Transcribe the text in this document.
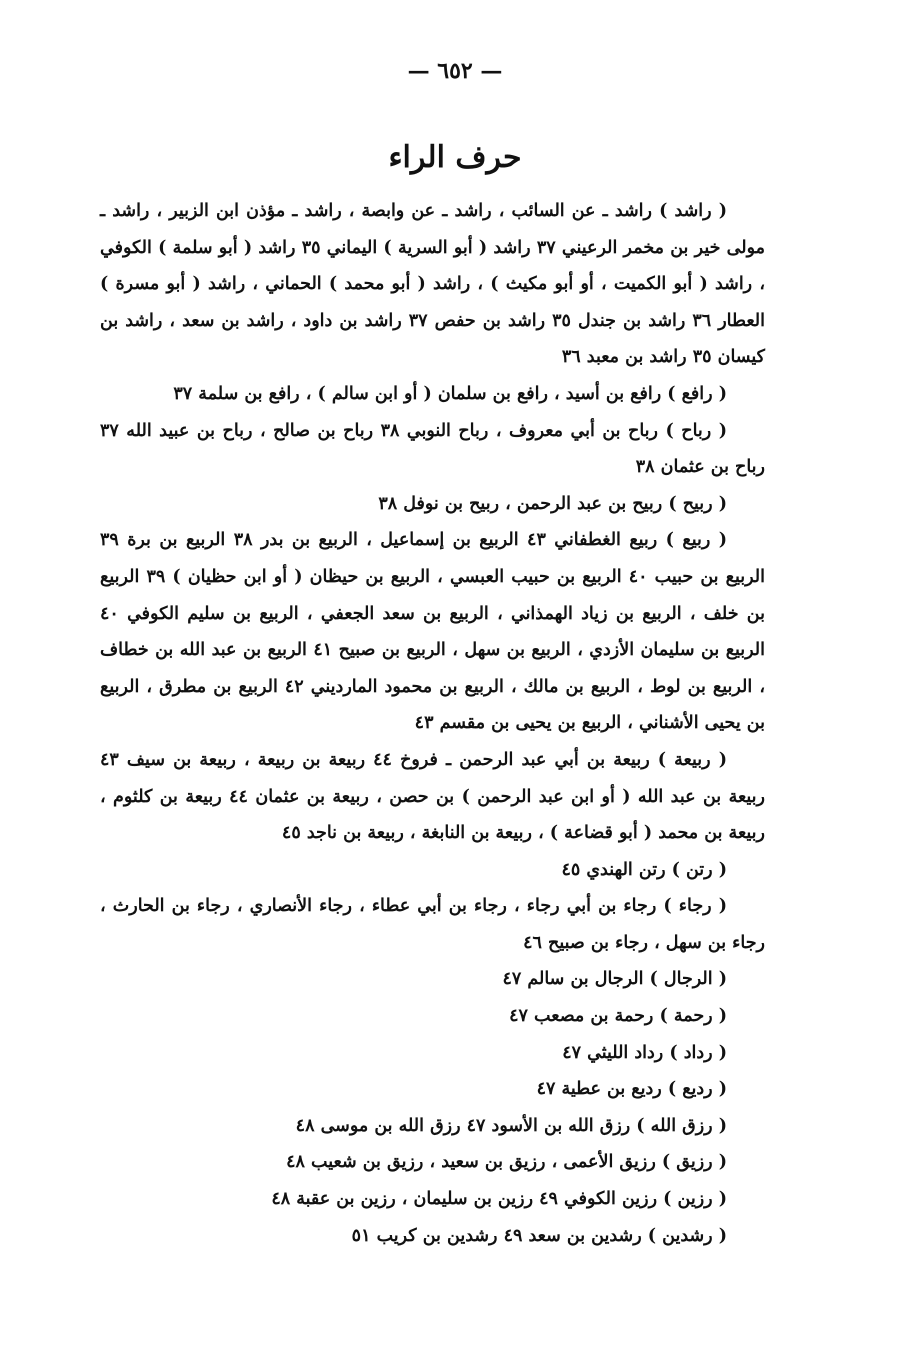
— ٦٥٢ —
حرف الراء

( راشد ) راشد ـ عن السائب ، راشد ـ عن وابصة ، راشد ـ مؤذن ابن الزبير ، راشد ـ مولى خير بن مخمر الرعيني ٣٧ راشد ( أبو السرية ) اليماني ٣٥ راشد ( أبو سلمة ) الكوفي ، راشد ( أبو الكميت ، أو أبو مكيث ) ، راشد ( أبو محمد ) الحماني ، راشد ( أبو مسرة ) العطار ٣٦ راشد بن جندل ٣٥ راشد بن حفص ٣٧ راشد بن داود ، راشد بن سعد ، راشد بن كيسان ٣٥ راشد بن معبد ٣٦

( رافع ) رافع بن أسيد ، رافع بن سلمان ( أو ابن سالم ) ، رافع بن سلمة ٣٧

( رباح ) رباح بن أبي معروف ، رباح النوبي ٣٨ رباح بن صالح ، رباح بن عبيد الله ٣٧ رباح بن عثمان ٣٨

( ربيح ) ربيح بن عبد الرحمن ، ربيح بن نوفل ٣٨

( ربيع ) ربيع الغطفاني ٤٣ الربيع بن إسماعيل ، الربيع بن بدر ٣٨ الربيع بن برة ٣٩ الربيع بن حبيب ٤٠ الربيع بن حبيب العبسي ، الربيع بن حيظان ( أو ابن حظيان ) ٣٩ الربيع بن خلف ، الربيع بن زياد الهمذاني ، الربيع بن سعد الجعفي ، الربيع بن سليم الكوفي ٤٠ الربيع بن سليمان الأزدي ، الربيع بن سهل ، الربيع بن صبيح ٤١ الربيع بن عبد الله بن خطاف ، الربيع بن لوط ، الربيع بن مالك ، الربيع بن محمود المارديني ٤٢ الربيع بن مطرق ، الربيع بن يحيى الأشناني ، الربيع بن يحيى بن مقسم ٤٣

( ربيعة ) ربيعة بن أبي عبد الرحمن ـ فروخ ٤٤ ربيعة بن ربيعة ، ربيعة بن سيف ٤٣ ربيعة بن عبد الله ( أو ابن عبد الرحمن ) بن حصن ، ربيعة بن عثمان ٤٤ ربيعة بن كلثوم ، ربيعة بن محمد ( أبو قضاعة ) ، ربيعة بن النابغة ، ربيعة بن ناجد ٤٥

( رتن ) رتن الهندي ٤٥

( رجاء ) رجاء بن أبي رجاء ، رجاء بن أبي عطاء ، رجاء الأنصاري ، رجاء بن الحارث ، رجاء بن سهل ، رجاء بن صبيح ٤٦

( الرجال ) الرجال بن سالم ٤٧

( رحمة ) رحمة بن مصعب ٤٧

( رداد ) رداد الليثي ٤٧

( رديع ) رديع بن عطية ٤٧

( رزق الله ) رزق الله بن الأسود ٤٧ رزق الله بن موسى ٤٨

( رزيق ) رزيق الأعمى ، رزيق بن سعيد ، رزيق بن شعيب ٤٨

( رزين ) رزين الكوفي ٤٩ رزين بن سليمان ، رزين بن عقبة ٤٨

( رشدين ) رشدين بن سعد ٤٩ رشدين بن كريب ٥١
